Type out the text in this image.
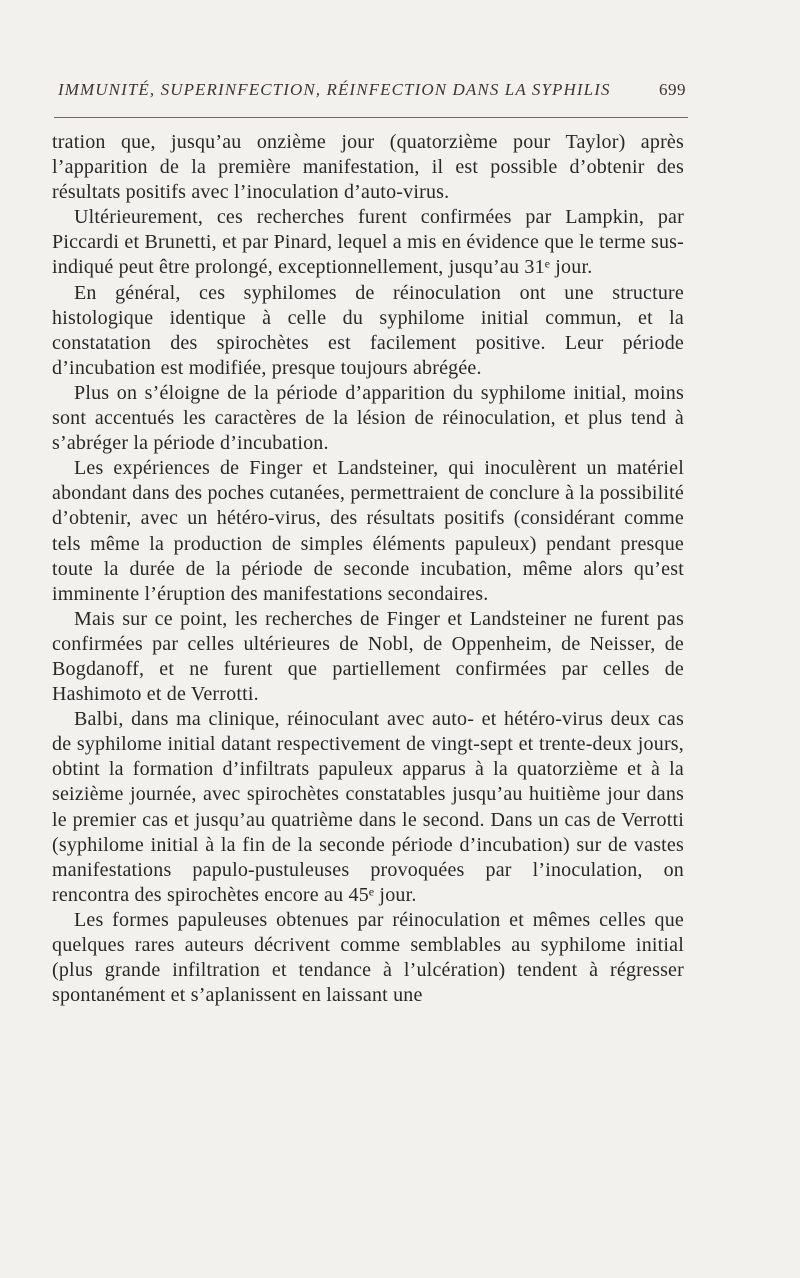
IMMUNITÉ, SUPERINFECTION, RÉINFECTION DANS LA SYPHILIS	699

tration que, jusqu’au onzième jour (quatorzième pour Taylor) après l’apparition de la première manifestation, il est possible d’obtenir des résultats positifs avec l’inoculation d’auto-virus.

Ultérieurement, ces recherches furent confirmées par Lampkin, par Piccardi et Brunetti, et par Pinard, lequel a mis en évidence que le terme sus-indiqué peut être prolongé, exceptionnellement, jusqu’au 31ᵉ jour.

En général, ces syphilomes de réinoculation ont une structure histologique identique à celle du syphilome initial commun, et la constatation des spirochètes est facilement positive. Leur période d’incubation est modifiée, presque toujours abrégée.

Plus on s’éloigne de la période d’apparition du syphilome initial, moins sont accentués les caractères de la lésion de réinoculation, et plus tend à s’abréger la période d’incubation.

Les expériences de Finger et Landsteiner, qui inoculèrent un matériel abondant dans des poches cutanées, permettraient de conclure à la possibilité d’obtenir, avec un hétéro-virus, des résultats positifs (considérant comme tels même la production de simples éléments papuleux) pendant presque toute la durée de la période de seconde incubation, même alors qu’est imminente l’éruption des manifestations secondaires.

Mais sur ce point, les recherches de Finger et Landsteiner ne furent pas confirmées par celles ultérieures de Nobl, de Oppenheim, de Neisser, de Bogdanoff, et ne furent que partiellement confirmées par celles de Hashimoto et de Verrotti.

Balbi, dans ma clinique, réinoculant avec auto- et hétéro-virus deux cas de syphilome initial datant respectivement de vingt-sept et trente-deux jours, obtint la formation d’infiltrats papuleux apparus à la quatorzième et à la seizième journée, avec spirochètes constatables jusqu’au huitième jour dans le premier cas et jusqu’au quatrième dans le second. Dans un cas de Verrotti (syphilome initial à la fin de la seconde période d’incubation) sur de vastes manifestations papulo-pustuleuses provoquées par l’inoculation, on rencontra des spirochètes encore au 45ᵉ jour.

Les formes papuleuses obtenues par réinoculation et mêmes celles que quelques rares auteurs décrivent comme semblables au syphilome initial (plus grande infiltration et tendance à l’ulcération) tendent à régresser spontanément et s’aplanissent en laissant une
